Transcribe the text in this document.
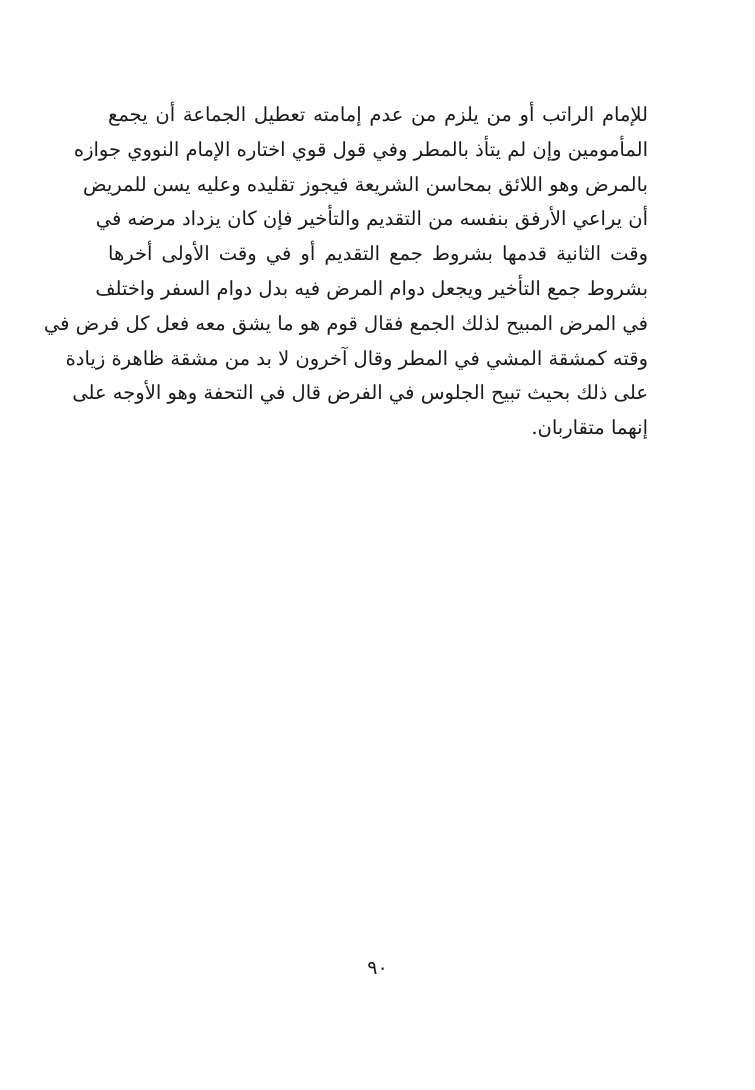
للإمام الراتب أو من يلزم من عدم إمامته تعطيل الجماعة أن يجمع
المأمومين وإن لم يتأذ بالمطر وفي قول قوي اختاره الإمام النووي جوازه
بالمرض وهو اللائق بمحاسن الشريعة فيجوز تقليده وعليه يسن للمريض
أن يراعي الأرفق بنفسه من التقديم والتأخير فإن كان يزداد مرضه في
وقت الثانية قدمها بشروط جمع التقديم أو في وقت الأولى أخرها
بشروط جمع التأخير ويجعل دوام المرض فيه بدل دوام السفر واختلف
في المرض المبيح لذلك الجمع فقال قوم هو ما يشق معه فعل كل فرض في
وقته كمشقة المشي في المطر وقال آخرون لا بد من مشقة ظاهرة زيادة
على ذلك بحيث تبيح الجلوس في الفرض قال في التحفة وهو الأوجه على
إنهما متقاربان.
٩٠
